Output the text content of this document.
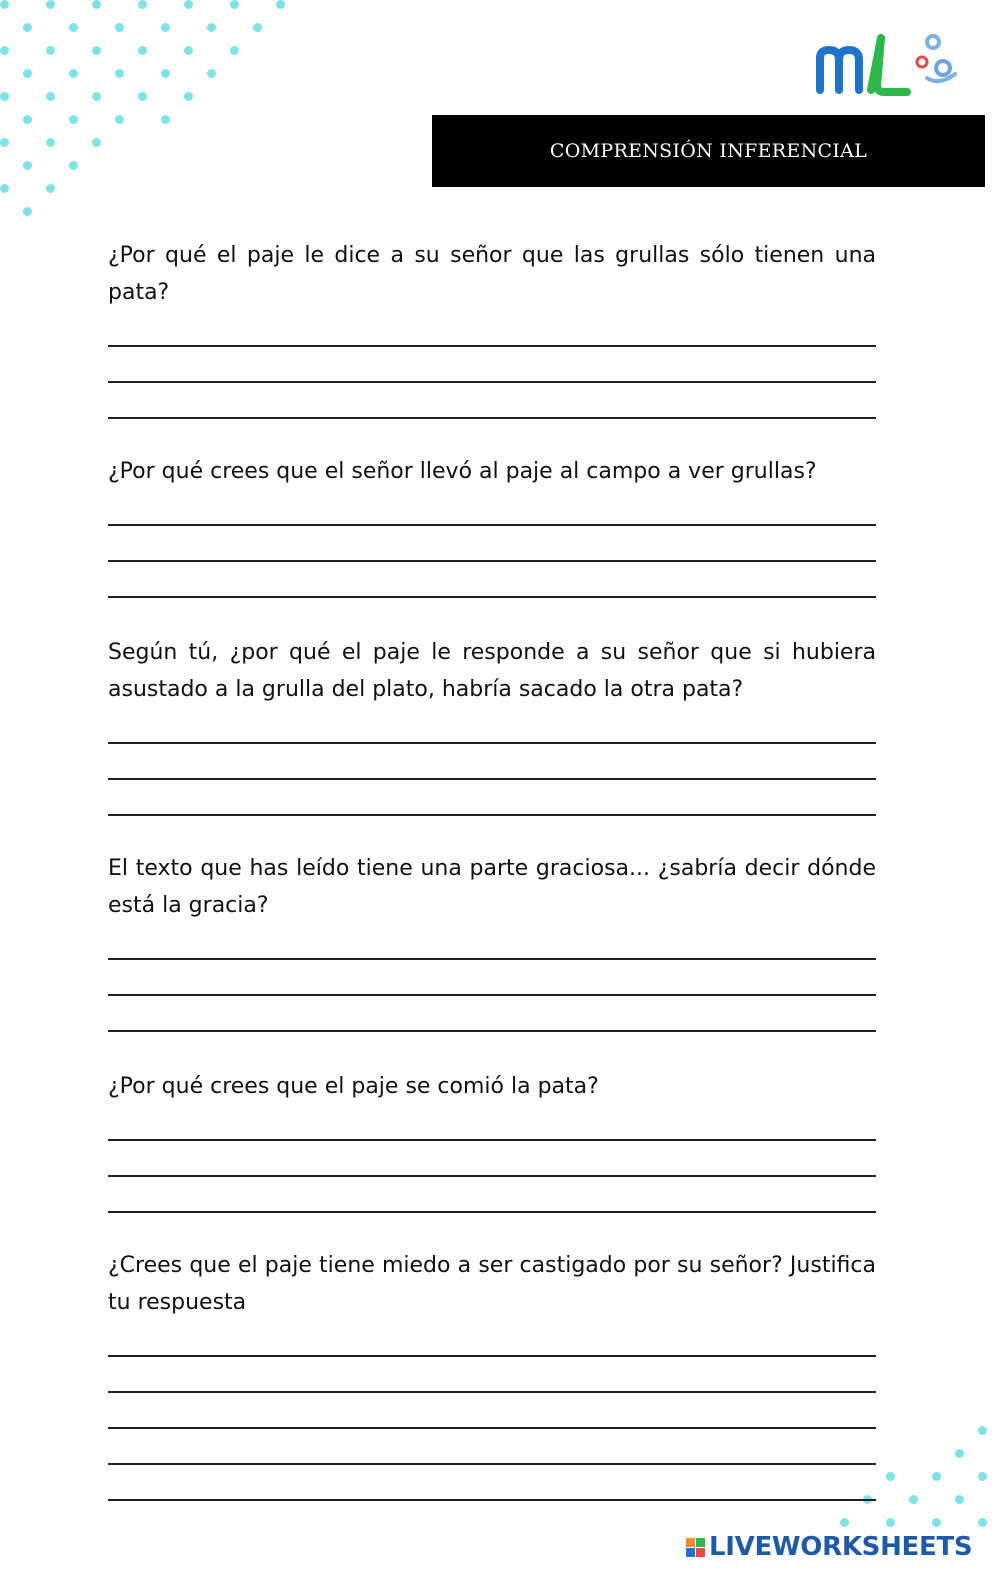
COMPRENSIÓN INFERENCIAL
¿Por qué el paje le dice a su señor que las grullas sólo tienen una pata?
¿Por qué crees que el señor llevó al paje al campo a ver grullas?
Según tú, ¿por qué el paje le responde a su señor que si hubiera asustado a la grulla del plato, habría sacado la otra pata?
El texto que has leído tiene una parte graciosa... ¿sabría decir dónde está la gracia?
¿Por qué crees que el paje se comió la pata?
¿Crees que el paje tiene miedo a ser castigado por su señor? Justifica tu respuesta
LIVEWORKSHEETS
